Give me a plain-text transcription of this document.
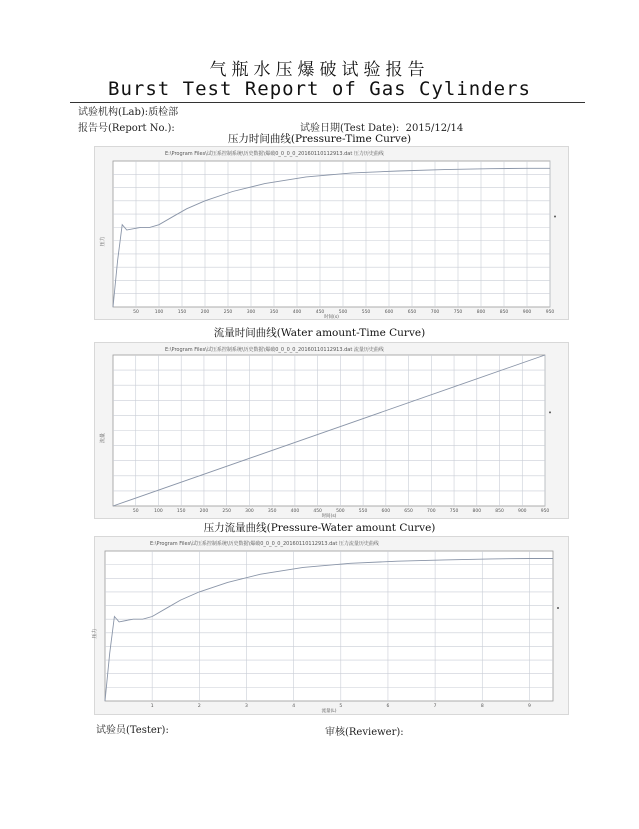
气瓶水压爆破试验报告
Burst Test Report of Gas Cylinders
试验机构(Lab):质检部
报告号(Report No.):	试验日期(Test Date): 2015/12/14
压力时间曲线(Pressure-Time Curve)
E:\Program Files\试压系控制系统\历史数据\爆破0_0_0_0_20160110112913.dat 压力历史曲线
50	100	150	200	250	300	350	400	450	500	550	600	650	700	750	800	850	900	950
压力
时间(s)
流量时间曲线(Water amount-Time Curve)
E:\Program Files\试压系控制系统\历史数据\爆破0_0_0_0_20160110112913.dat 流量历史曲线
50	100	150	200	250	300	350	400	450	500	550	600	650	700	750	800	850	900	950
流量
时间(s)
压力流量曲线(Pressure-Water amount Curve)
E:\Program Files\试压系控制系统\历史数据\爆破0_0_0_0_20160110112913.dat 压力流量历史曲线
1	2	3	4	5	6	7	8	9
压力
流量(L)
试验员(Tester):	审核(Reviewer):
